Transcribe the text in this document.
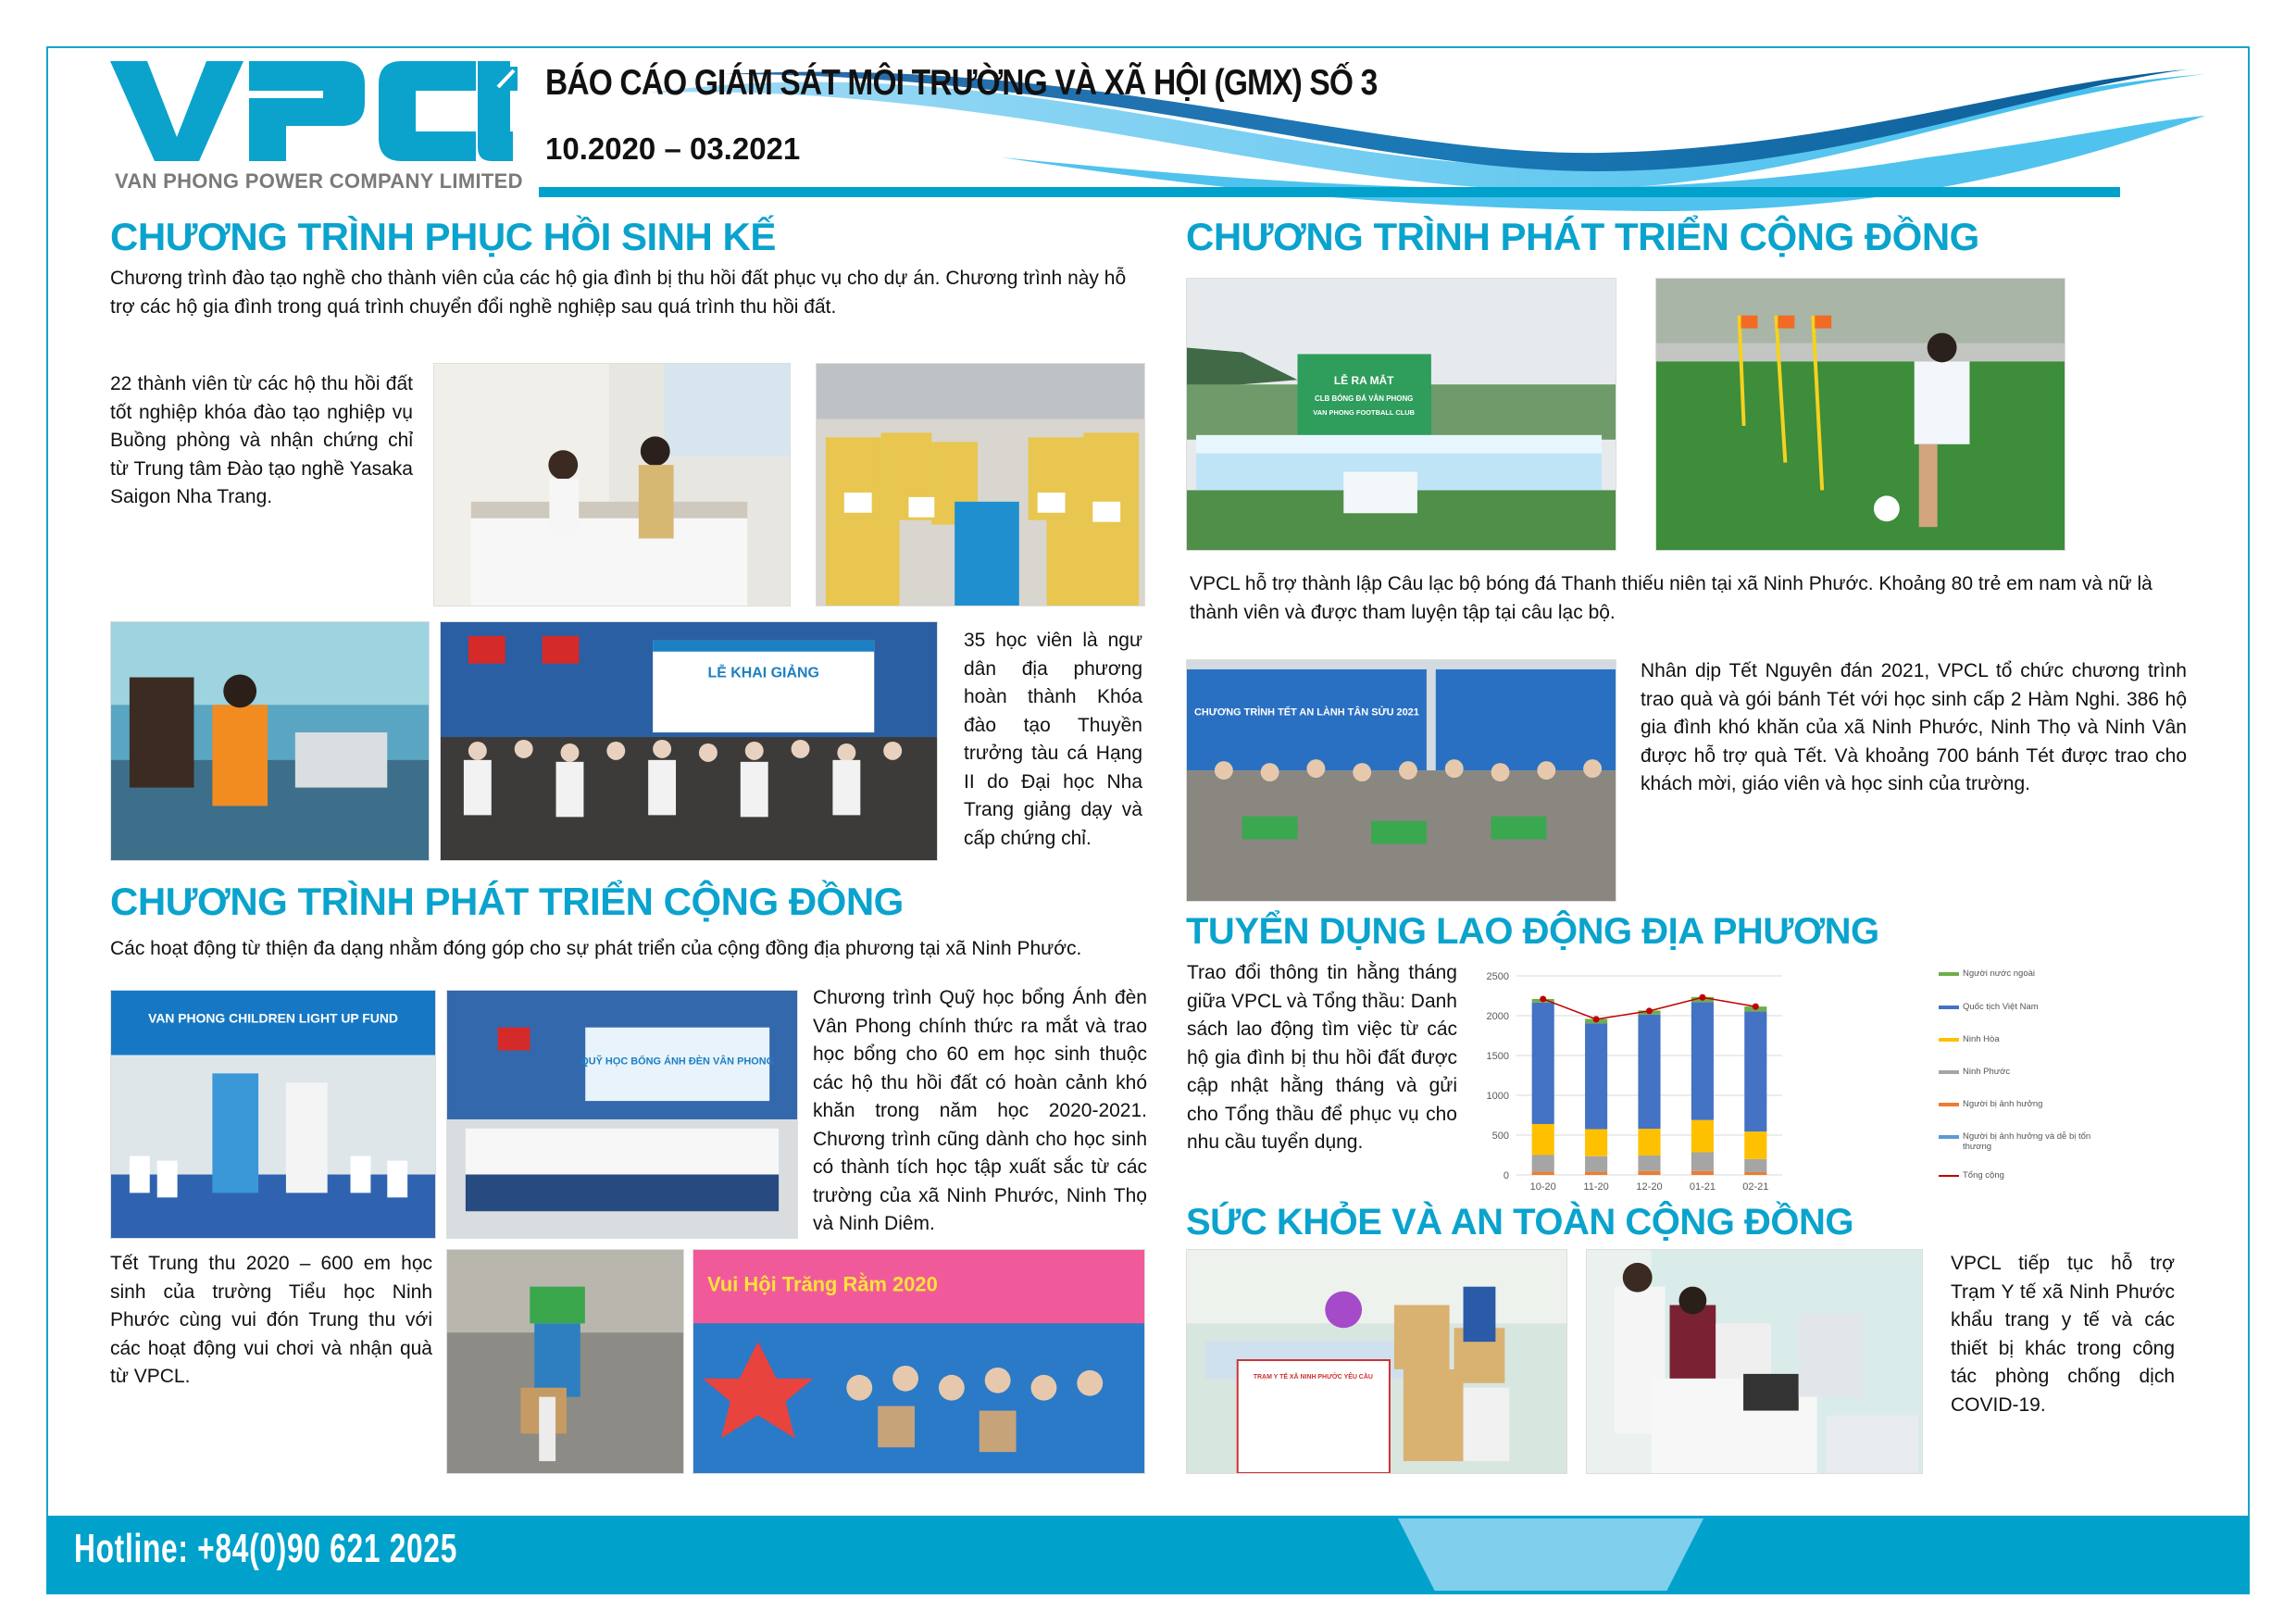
VAN PHONG POWER COMPANY LIMITED
BÁO CÁO GIÁM SÁT MÔI TRƯỜNG VÀ XÃ HỘI (GMX) SỐ 3
10.2020 – 03.2021
CHƯƠNG TRÌNH PHỤC HỒI SINH KẾ
Chương trình đào tạo nghề cho thành viên của các hộ gia đình bị thu hồi đất phục vụ cho dự án. Chương trình này hỗ trợ các hộ gia đình trong quá trình chuyển đổi nghề nghiệp sau quá trình thu hồi đất.
22 thành viên từ các hộ thu hồi đất tốt nghiệp khóa đào tạo nghiệp vụ Buồng phòng và nhận chứng chỉ từ Trung tâm Đào tạo nghề Yasaka Saigon Nha Trang.
LỄ KHAI GIẢNG
35 học viên là ngư dân địa phương hoàn thành Khóa đào tạo Thuyền trưởng tàu cá Hạng II do Đại học Nha Trang giảng dạy và cấp chứng chỉ.
CHƯƠNG TRÌNH PHÁT TRIỂN CỘNG ĐỒNG
Các hoạt động từ thiện đa dạng nhằm đóng góp cho sự phát triển của cộng đồng địa phương tại xã Ninh Phước.
VAN PHONG CHILDREN LIGHT UP FUND
QUỸ HỌC BỔNG ÁNH ĐÈN VÂN PHONG
Chương trình Quỹ học bổng Ánh đèn Vân Phong chính thức ra mắt và trao học bổng cho 60 em học sinh thuộc các hộ thu hồi đất có hoàn cảnh khó khăn trong năm học 2020-2021. Chương trình cũng dành cho học sinh có thành tích học tập xuất sắc từ các trường của xã Ninh Phước, Ninh Thọ và Ninh Diêm.
Tết Trung thu 2020 – 600 em học sinh của trường Tiểu học Ninh Phước cùng vui đón Trung thu với các hoạt động vui chơi và nhận quà từ VPCL.
Vui Hội Trăng Rằm 2020
CHƯƠNG TRÌNH PHÁT TRIỂN CỘNG ĐỒNG
LỄ RA MẮT
CLB BÓNG ĐÁ VÂN PHONG
VAN PHONG FOOTBALL CLUB
VPCL hỗ trợ thành lập Câu lạc bộ bóng đá Thanh thiếu niên tại xã Ninh Phước. Khoảng 80 trẻ em nam và nữ là thành viên và được tham luyện tập tại câu lạc bộ.
CHƯƠNG TRÌNH TẾT AN LÀNH TÂN SỬU 2021
Nhân dịp Tết Nguyên đán 2021, VPCL tổ chức chương trình trao quà và gói bánh Tét với học sinh cấp 2 Hàm Nghi. 386 hộ gia đình khó khăn của xã Ninh Phước, Ninh Thọ và Ninh Vân được hỗ trợ quà Tết. Và khoảng 700 bánh Tét được trao cho khách mời, giáo viên và học sinh của trường.
TUYỂN DỤNG LAO ĐỘNG ĐỊA PHƯƠNG
Trao đổi thông tin hằng tháng giữa VPCL và Tổng thầu: Danh sách lao động tìm việc từ các hộ gia đình bị thu hồi đất được cập nhật hằng tháng và gửi cho Tổng thầu để phục vụ cho nhu cầu tuyển dụng.
0
500
1000
1500
2000
2500
10-20	11-20	12-20	01-21	02-21
Người nước ngoài
Quốc tịch Việt Nam
Ninh Hòa
Ninh Phước
Người bị ảnh hưởng
Người bị ảnh hưởng và dễ bị tổn thương
Tổng cộng
SỨC KHỎE VÀ AN TOÀN CỘNG ĐỒNG
TRẠM Y TẾ XÃ NINH PHƯỚC YÊU CẦU
VPCL tiếp tục hỗ trợ Trạm Y tế xã Ninh Phước khẩu trang y tế và các thiết bị khác trong công tác phòng chống dịch COVID-19.
Hotline: +84(0)90 621 2025
